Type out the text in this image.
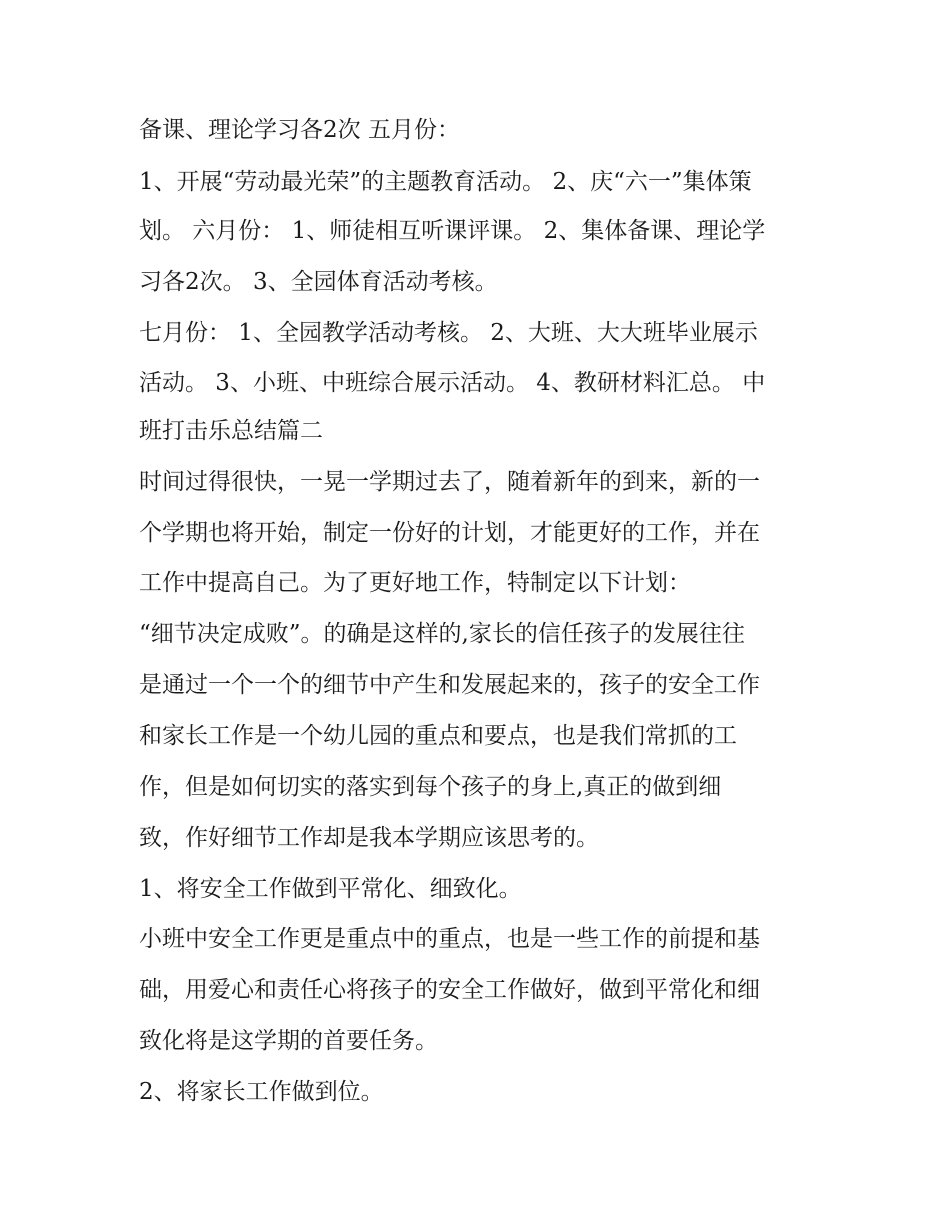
备课、理论学习各2次 五月份：
1、开展“劳动最光荣”的主题教育活动。 2、庆“六一”集体策
划。 六月份： 1、师徒相互听课评课。 2、集体备课、理论学
习各2次。 3、全园体育活动考核。
七月份： 1、全园教学活动考核。 2、大班、大大班毕业展示
活动。 3、小班、中班综合展示活动。 4、教研材料汇总。 中
班打击乐总结篇二
时间过得很快，一晃一学期过去了，随着新年的到来，新的一
个学期也将开始，制定一份好的计划，才能更好的工作，并在
工作中提高自己。为了更好地工作，特制定以下计划：
“细节决定成败”。的确是这样的,家长的信任孩子的发展往往
是通过一个一个的细节中产生和发展起来的，孩子的安全工作
和家长工作是一个幼儿园的重点和要点，也是我们常抓的工
作，但是如何切实的落实到每个孩子的身上,真正的做到细
致，作好细节工作却是我本学期应该思考的。
1、将安全工作做到平常化、细致化。
小班中安全工作更是重点中的重点，也是一些工作的前提和基
础，用爱心和责任心将孩子的安全工作做好，做到平常化和细
致化将是这学期的首要任务。
2、将家长工作做到位。
